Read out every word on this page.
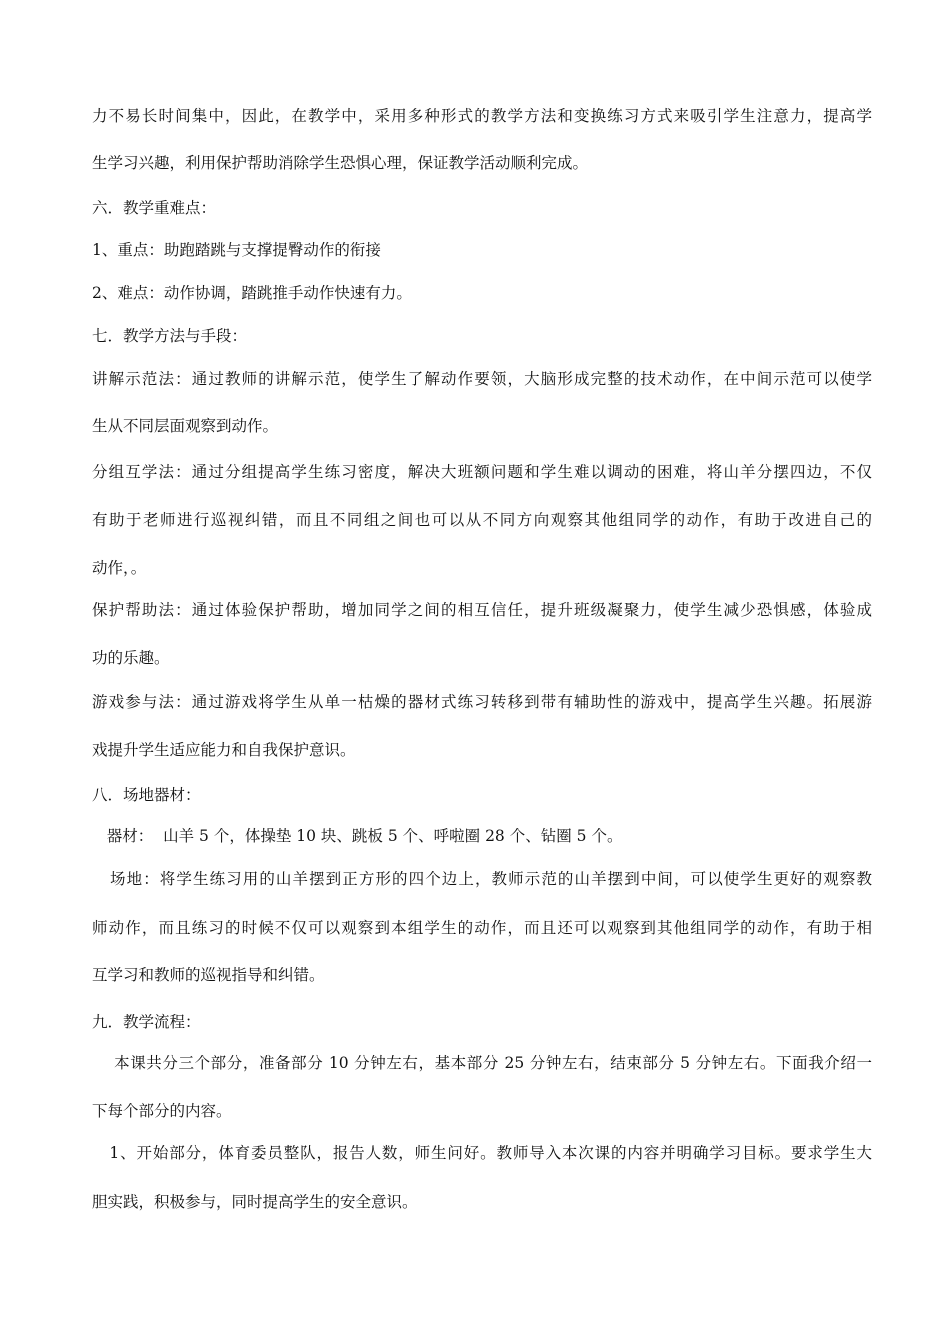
力不易长时间集中，因此，在教学中，采用多种形式的教学方法和变换练习方式来吸引学生注意力，提高学
生学习兴趣，利用保护帮助消除学生恐惧心理，保证教学活动顺利完成。
六．教学重难点：
1、重点：助跑踏跳与支撑提臀动作的衔接
2、难点：动作协调，踏跳推手动作快速有力。
七．教学方法与手段：
讲解示范法：通过教师的讲解示范，使学生了解动作要领，大脑形成完整的技术动作，在中间示范可以使学
生从不同层面观察到动作。
分组互学法：通过分组提高学生练习密度，解决大班额问题和学生难以调动的困难，将山羊分摆四边，不仅
有助于老师进行巡视纠错，而且不同组之间也可以从不同方向观察其他组同学的动作，有助于改进自己的
动作，。
保护帮助法：通过体验保护帮助，增加同学之间的相互信任，提升班级凝聚力，使学生减少恐惧感，体验成
功的乐趣。
游戏参与法：通过游戏将学生从单一枯燥的器材式练习转移到带有辅助性的游戏中，提高学生兴趣。拓展游
戏提升学生适应能力和自我保护意识。
八．场地器材：
器材：  山羊 5 个，体操垫 10 块、跳板 5 个、呼啦圈 28 个、钻圈 5 个。
场地：将学生练习用的山羊摆到正方形的四个边上，教师示范的山羊摆到中间，可以使学生更好的观察教
师动作，而且练习的时候不仅可以观察到本组学生的动作，而且还可以观察到其他组同学的动作，有助于相
互学习和教师的巡视指导和纠错。
九．教学流程：
本课共分三个部分，准备部分 10 分钟左右，基本部分 25 分钟左右，结束部分 5 分钟左右。下面我介绍一
下每个部分的内容。
1、开始部分，体育委员整队，报告人数，师生问好。教师导入本次课的内容并明确学习目标。要求学生大
胆实践，积极参与，同时提高学生的安全意识。
